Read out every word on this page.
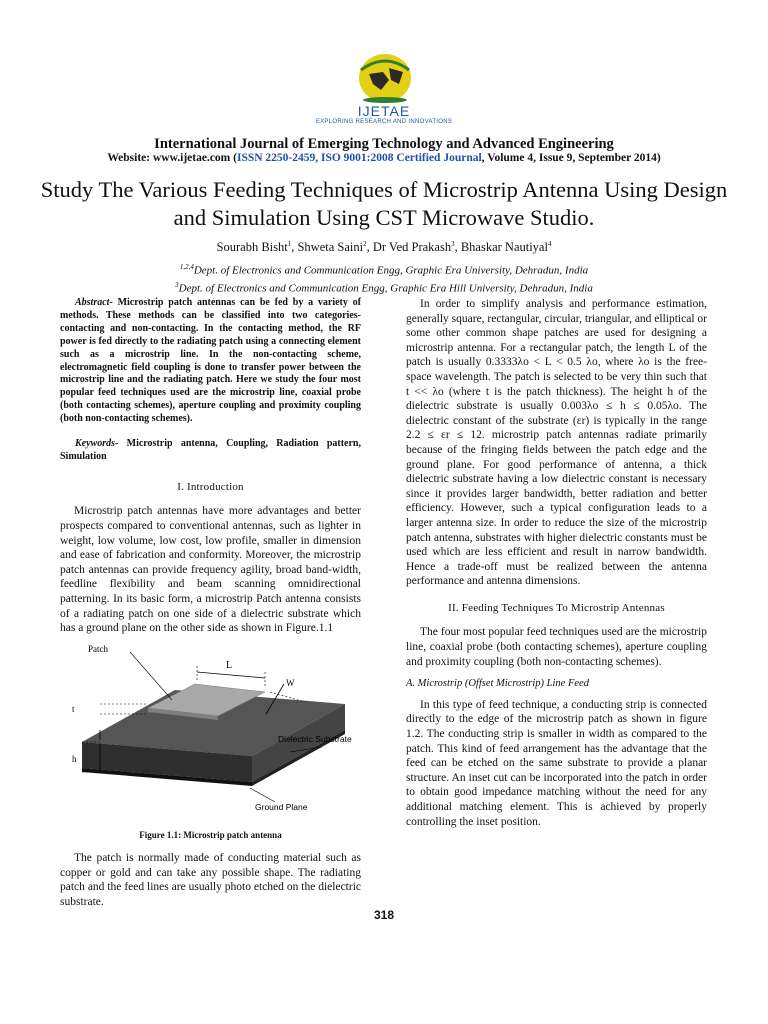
IJETAE
EXPLORING RESEARCH AND INNOVATIONS
International Journal of Emerging Technology and Advanced Engineering
Website: www.ijetae.com (ISSN 2250-2459, ISO 9001:2008 Certified Journal, Volume 4, Issue 9, September 2014)
Study The Various Feeding Techniques of Microstrip Antenna Using Design and Simulation Using CST Microwave Studio.
Sourabh Bisht$^1$, Shweta Saini$^2$, Dr Ved Prakash$^3$, Bhaskar Nautiyal$^4$
$^{1,2,4}$Dept. of Electronics and Communication Engg, Graphic Era University, Dehradun, India
$^3$Dept. of Electronics and Communication Engg, Graphic Era Hill University, Dehradun, India

Abstract- Microstrip patch antennas can be fed by a variety of methods. These methods can be classified into two categories- contacting and non-contacting. In the contacting method, the RF power is fed directly to the radiating patch using a connecting element such as a microstrip line. In the non-contacting scheme, electromagnetic field coupling is done to transfer power between the microstrip line and the radiating patch. Here we study the four most popular feed techniques used are the microstrip line, coaxial probe (both contacting schemes), aperture coupling and proximity coupling (both non-contacting schemes).

Keywords- Microstrip antenna, Coupling, Radiation pattern, Simulation

I. Introduction

Microstrip patch antennas have more advantages and better prospects compared to conventional antennas, such as lighter in weight, low volume, low cost, low profile, smaller in dimension and ease of fabrication and conformity. Moreover, the microstrip patch antennas can provide frequency agility, broad band-width, feedline flexibility and beam scanning omnidirectional patterning. In its basic form, a microstrip Patch antenna consists of a radiating patch on one side of a dielectric substrate which has a ground plane on the other side as shown in Figure.1.1

Patch
L
W
t
h
Dielectric Substrate
Ground Plane
Figure 1.1: Microstrip patch antenna

The patch is normally made of conducting material such as copper or gold and can take any possible shape. The radiating patch and the feed lines are usually photo etched on the dielectric substrate.

In order to simplify analysis and performance estimation, generally square, rectangular, circular, triangular, and elliptical or some other common shape patches are used for designing a microstrip antenna. For a rectangular patch, the length L of the patch is usually 0.3333λo < L < 0.5 λo, where λo is the free-space wavelength. The patch is selected to be very thin such that t << λo (where t is the patch thickness). The height h of the dielectric substrate is usually 0.003λo ≤ h ≤ 0.05λo. The dielectric constant of the substrate (εr) is typically in the range 2.2 ≤ εr ≤ 12. microstrip patch antennas radiate primarily because of the fringing fields between the patch edge and the ground plane. For good performance of antenna, a thick dielectric substrate having a low dielectric constant is necessary since it provides larger bandwidth, better radiation and better efficiency. However, such a typical configuration leads to a larger antenna size. In order to reduce the size of the microstrip patch antenna, substrates with higher dielectric constants must be used which are less efficient and result in narrow bandwidth. Hence a trade-off must be realized between the antenna performance and antenna dimensions.

II. Feeding Techniques To Microstrip Antennas

The four most popular feed techniques used are the microstrip line, coaxial probe (both contacting schemes), aperture coupling and proximity coupling (both non-contacting schemes).

A. Microstrip (Offset Microstrip) Line Feed

In this type of feed technique, a conducting strip is connected directly to the edge of the microstrip patch as shown in figure 1.2. The conducting strip is smaller in width as compared to the patch. This kind of feed arrangement has the advantage that the feed can be etched on the same substrate to provide a planar structure. An inset cut can be incorporated into the patch in order to obtain good impedance matching without the need for any additional matching element. This is achieved by properly controlling the inset position.

318
